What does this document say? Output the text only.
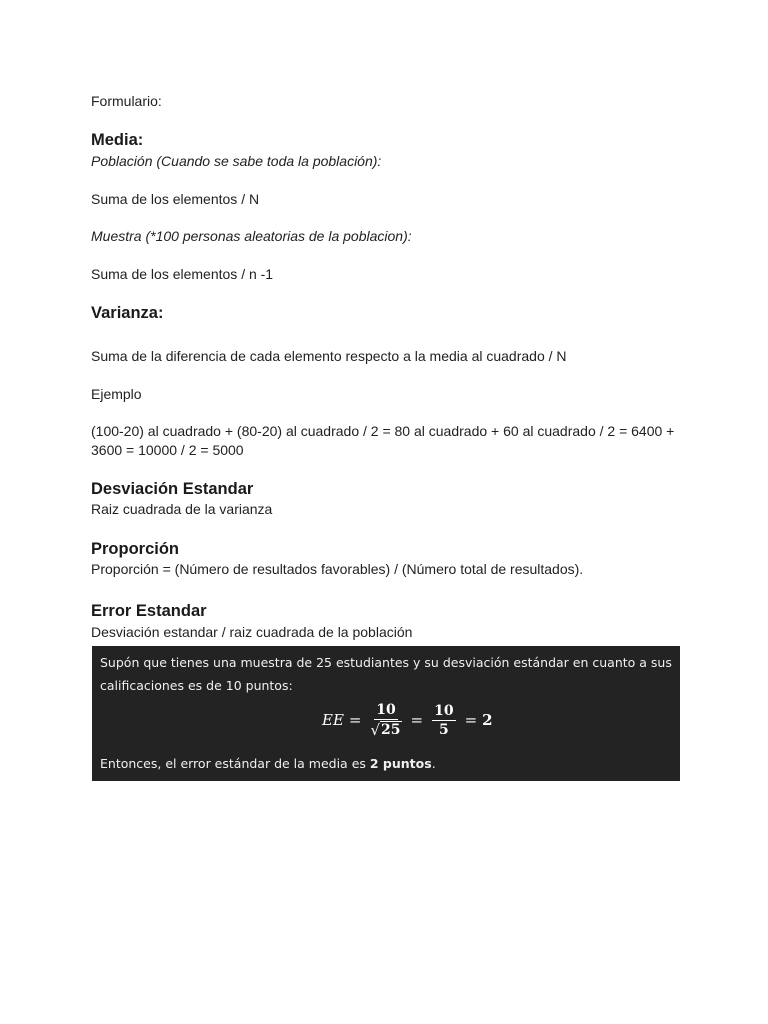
Formulario:
Media:
Población (Cuando se sabe toda la población):
Suma de los elementos / N
Muestra (*100 personas aleatorias de la poblacion):
Suma de los elementos / n -1
Varianza:
Suma de la diferencia de cada elemento respecto a la media al cuadrado / N
Ejemplo
(100-20) al cuadrado + (80-20) al cuadrado / 2 = 80 al cuadrado + 60 al cuadrado / 2 = 6400 + 3600 = 10000 / 2 = 5000
Desviación Estandar
Raiz cuadrada de la varianza
Proporción
Proporción = (Número de resultados favorables) / (Número total de resultados).
Error Estandar
Desviación estandar / raiz cuadrada de la población
Supón que tienes una muestra de 25 estudiantes y su desviación estándar en cuanto a sus calificaciones es de 10 puntos:
EE = $\frac{10}{√ 25} = \frac{10}{5} = 2$
Entonces, el error estándar de la media es 2 puntos.
